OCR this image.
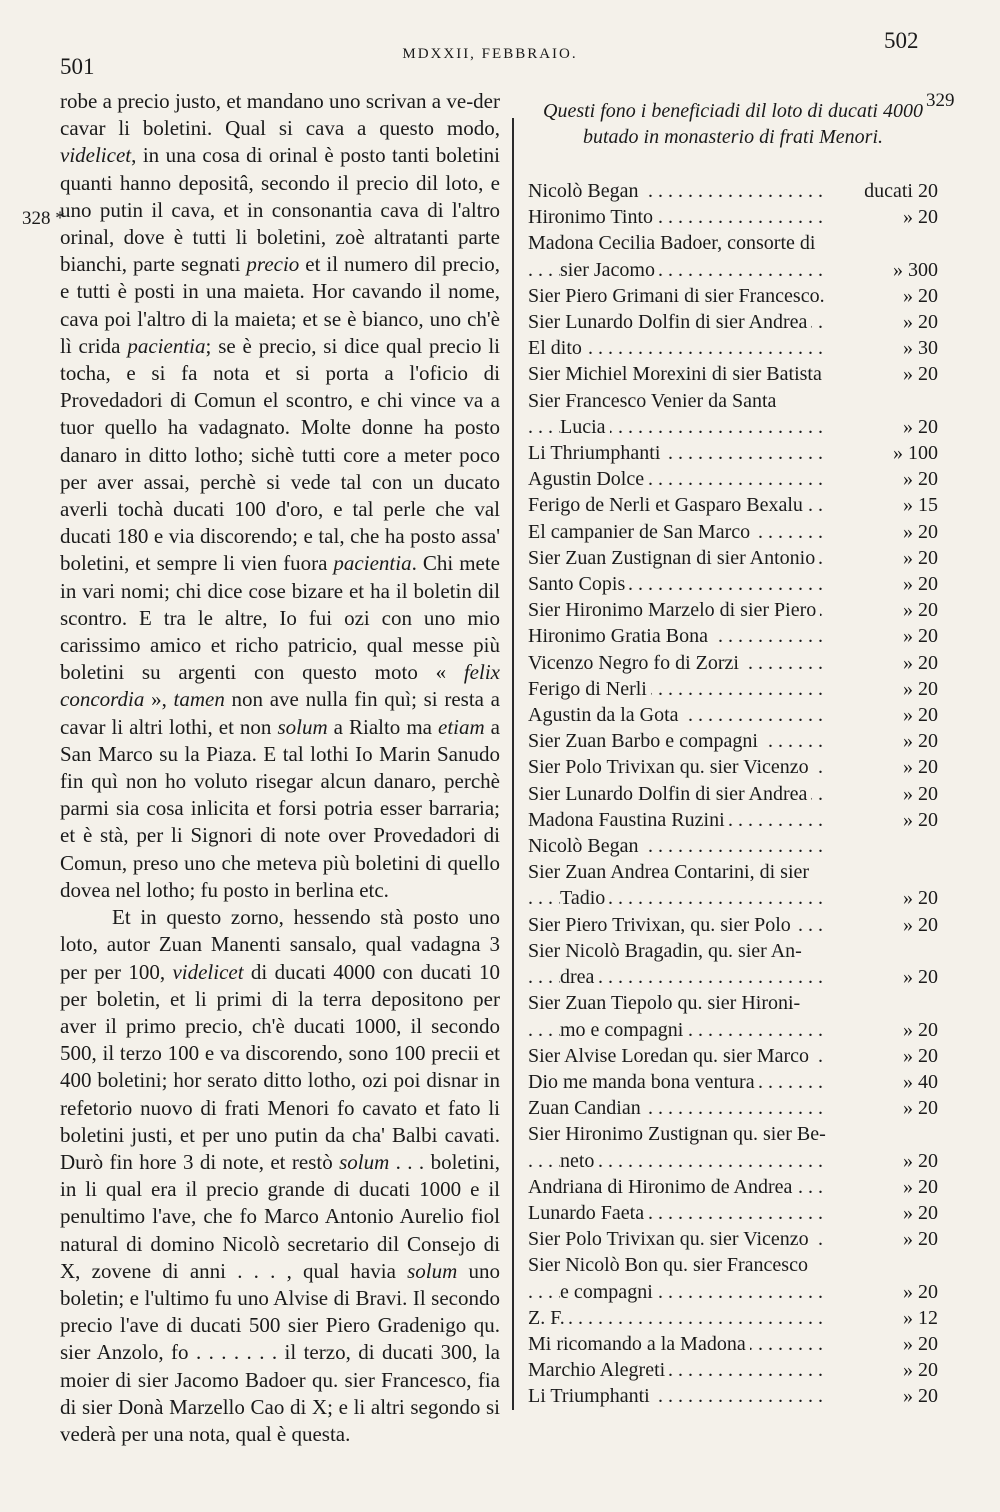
501	MDXXII, FEBBRAIO.
502
328 *
329

robe a precio justo, et mandano uno scrivan a ve-der cavar li boletini. Qual si cava a questo modo, videlicet, in una cosa di orinal è posto tanti boletini quanti hanno depositâ, secondo il precio dil loto, e uno putin il cava, et in consonantia cava di l'altro orinal, dove è tutti li boletini, zoè altratanti parte bianchi, parte segnati precio et il numero dil precio, e tutti è posti in una maieta. Hor cavando il nome, cava poi l'altro di la maieta; et se è bianco, uno ch'è lì crida pacientia; se è precio, si dice qual precio li tocha, e si fa nota et si porta a l'oficio di Provedadori di Comun el scontro, e chi vince va a tuor quello ha vadagnato. Molte donne ha posto danaro in ditto lotho; sichè tutti core a meter poco per aver assai, perchè si vede tal con un ducato averli tochà ducati 100 d'oro, e tal perle che val ducati 180 e via discorendo; e tal, che ha posto assa' boletini, et sempre li vien fuora pacientia. Chi mete in vari nomi; chi dice cose bizare et ha il boletin dil scontro. E tra le altre, Io fui ozi con uno mio carissimo amico et richo patricio, qual messe più boletini su argenti con questo moto « felix concordia », tamen non ave nulla fin quì; si resta a cavar li altri lothi, et non solum a Rialto ma etiam a San Marco su la Piaza. E tal lothi Io Marin Sanudo fin quì non ho voluto risegar alcun danaro, perchè parmi sia cosa inlicita et forsi potria esser barraria; et è stà, per li Signori di note over Provedadori di Comun, preso uno che meteva più boletini di quello dovea nel lotho; fu posto in berlina etc.

Et in questo zorno, hessendo stà posto uno loto, autor Zuan Manenti sansalo, qual vadagna 3 per per 100, videlicet di ducati 4000 con ducati 10 per boletin, et li primi di la terra depositono per aver il primo precio, ch'è ducati 1000, il secondo 500, il terzo 100 e va discorendo, sono 100 precii et 400 boletini; hor serato ditto lotho, ozi poi disnar in refetorio nuovo di frati Menori fo cavato et fato li boletini justi, et per uno putin da cha' Balbi cavati. Durò fin hore 3 di note, et restò solum . . . boletini, in li qual era il precio grande di ducati 1000 e il penultimo l'ave, che fo Marco Antonio Aurelio fiol natural di domino Nicolò secretario dil Consejo di X, zovene di anni . . . , qual havia solum uno boletin; e l'ultimo fu uno Alvise di Bravi. Il secondo precio l'ave di ducati 500 sier Piero Gradenigo qu. sier Anzolo, fo . . . . . . . il terzo, di ducati 300, la moier di sier Jacomo Badoer qu. sier Francesco, fia di sier Donà Marzello Cao di X; e li altri segondo si vederà per una nota, qual è questa.

Questi fono i beneficiadi dil loto di ducati 4000 butado in monasterio di frati Menori.
Nicolò Began	ducati 20
. . .
Hironimo Tinto	» 20
. . .
Madona Cecilia Badoer, consorte di
sier Jacomo	» 300
. . .
Sier Piero Grimani di sier Francesco.	» 20
. . .
Sier Lunardo Dolfin di sier Andrea	» 20
. . .
El dito	» 30
. . .
Sier Michiel Morexini di sier Batista	» 20
. . .
Sier Francesco Venier da Santa
Lucia	» 20
. . .
Li Thriumphanti	» 100
. . .
Agustin Dolce	» 20
. . .
Ferigo de Nerli et Gasparo Bexalu	» 15
. . .
El campanier de San Marco	» 20
. . .
Sier Zuan Zustignan di sier Antonio	» 20
. . .
Santo Copis	» 20
. . .
Sier Hironimo Marzelo di sier Piero	» 20
. . .
Hironimo Gratia Bona	» 20
. . .
Vicenzo Negro fo di Zorzi	» 20
. . .
Ferigo di Nerli	» 20
. . .
Agustin da la Gota	» 20
. . .
Sier Zuan Barbo e compagni	» 20
. . .
Sier Polo Trivixan qu. sier Vicenzo	» 20
. . .
Sier Lunardo Dolfin di sier Andrea	» 20
. . .
Madona Faustina Ruzini	» 20
. . .
Nicolò Began
. . .
Sier Zuan Andrea Contarini, di sier
Tadio	» 20
. . .
Sier Piero Trivixan, qu. sier Polo	» 20
. . .
Sier Nicolò Bragadin, qu. sier An-
drea	» 20
. . .
Sier Zuan Tiepolo qu. sier Hironi-
mo e compagni	» 20
. . .
Sier Alvise Loredan qu. sier Marco	» 20
. . .
Dio me manda bona ventura	» 40
. . .
Zuan Candian	» 20
. . .
Sier Hironimo Zustignan qu. sier Be-
neto	» 20
. . .
Andriana di Hironimo de Andrea	» 20
. . .
Lunardo Faeta	» 20
. . .
Sier Polo Trivixan qu. sier Vicenzo	» 20
. . .
Sier Nicolò Bon qu. sier Francesco
e compagni	» 20
. . .
Z. F.	» 12
. . .
Mi ricomando a la Madona	» 20
. . .
Marchio Alegreti	» 20
. . .
Li Triumphanti	» 20
. . .
